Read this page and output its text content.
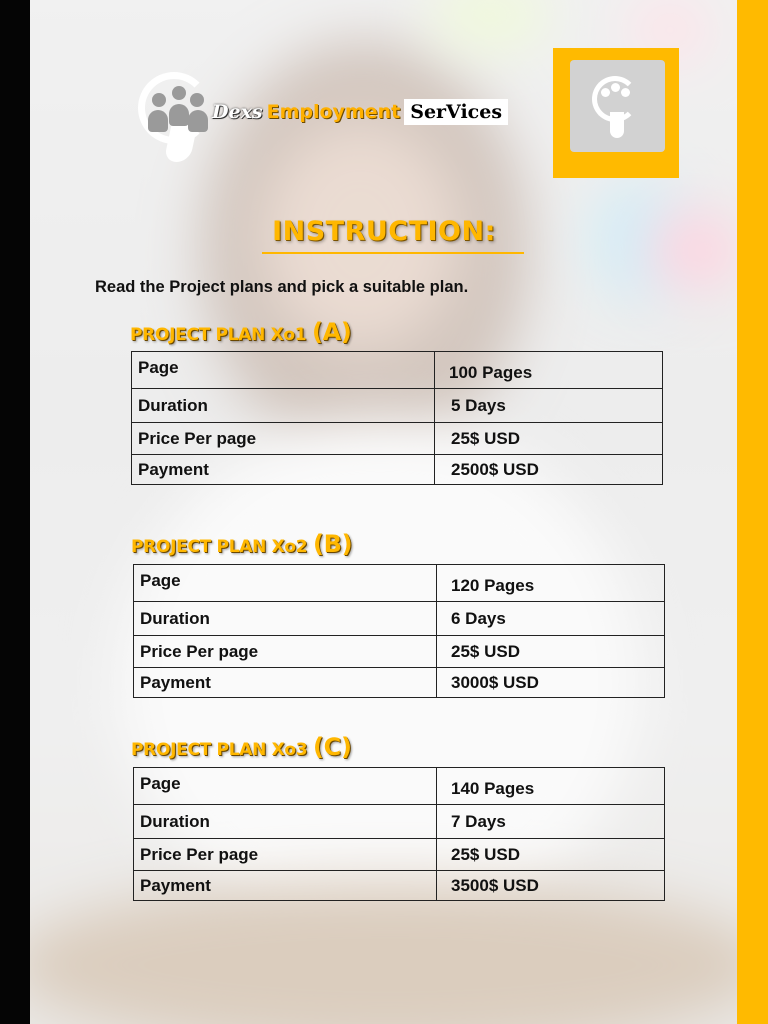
Dexs Employment SerVices
INSTRUCTION:
Read the Project plans and pick a suitable plan.
PROJECT PLAN Xo1 (A)
Page	100 Pages
Duration	5 Days
Price Per page	25$ USD
Payment	2500$ USD
PROJECT PLAN Xo2 (B)
Page	120 Pages
Duration	6 Days
Price Per page	25$ USD
Payment	3000$ USD
PROJECT PLAN Xo3 (C)
Page	140 Pages
Duration	7 Days
Price Per page	25$ USD
Payment	3500$ USD
